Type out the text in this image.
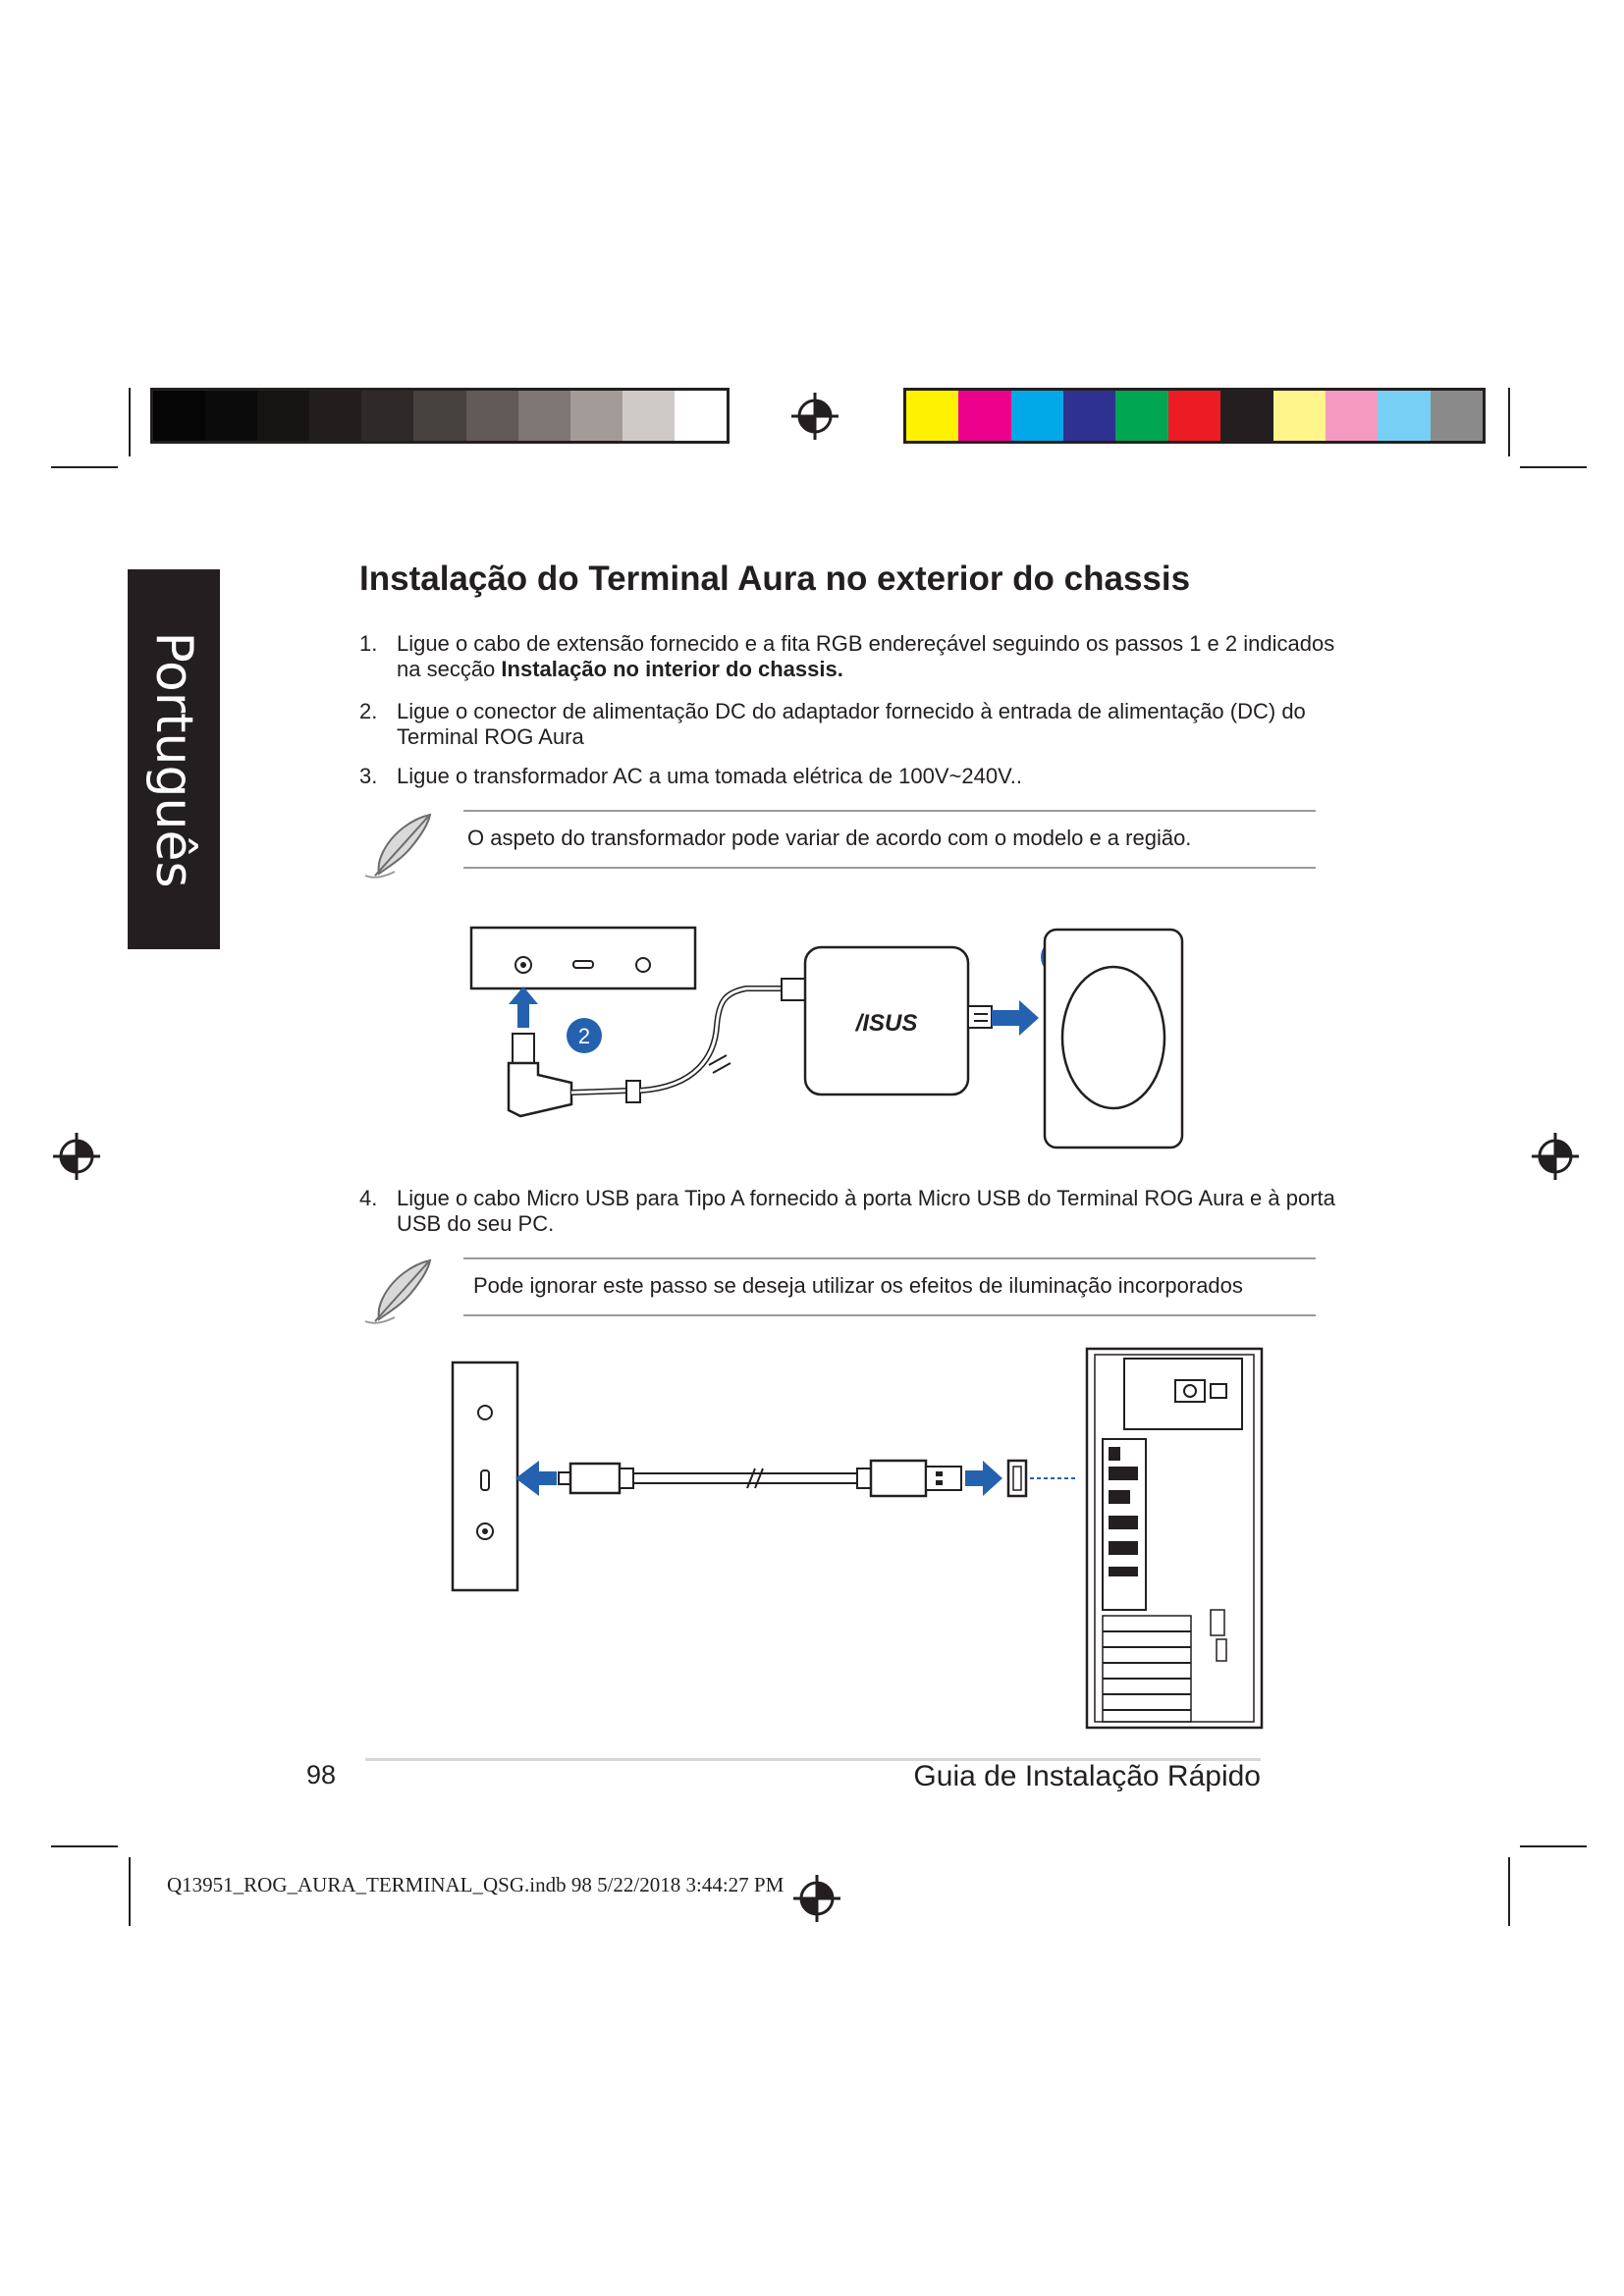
Português
Instalação do Terminal Aura no exterior do chassis
1. Ligue o cabo de extensão fornecido e a fita RGB endereçável seguindo os passos 1 e 2 indicados na secção Instalação no interior do chassis.
2. Ligue o conector de alimentação DC do adaptador fornecido à entrada de alimentação (DC) do Terminal ROG Aura
3. Ligue o transformador AC a uma tomada elétrica de 100V~240V..
O aspeto do transformador pode variar de acordo com o modelo e a região.
2	/ISUS
4. Ligue o cabo Micro USB para Tipo A fornecido à porta Micro USB do Terminal ROG Aura e à porta USB do seu PC.
Pode ignorar este passo se deseja utilizar os efeitos de iluminação incorporados
98	Guia de Instalação Rápido
Q13951_ROG_AURA_TERMINAL_QSG.indb 98 5/22/2018 3:44:27 PM
